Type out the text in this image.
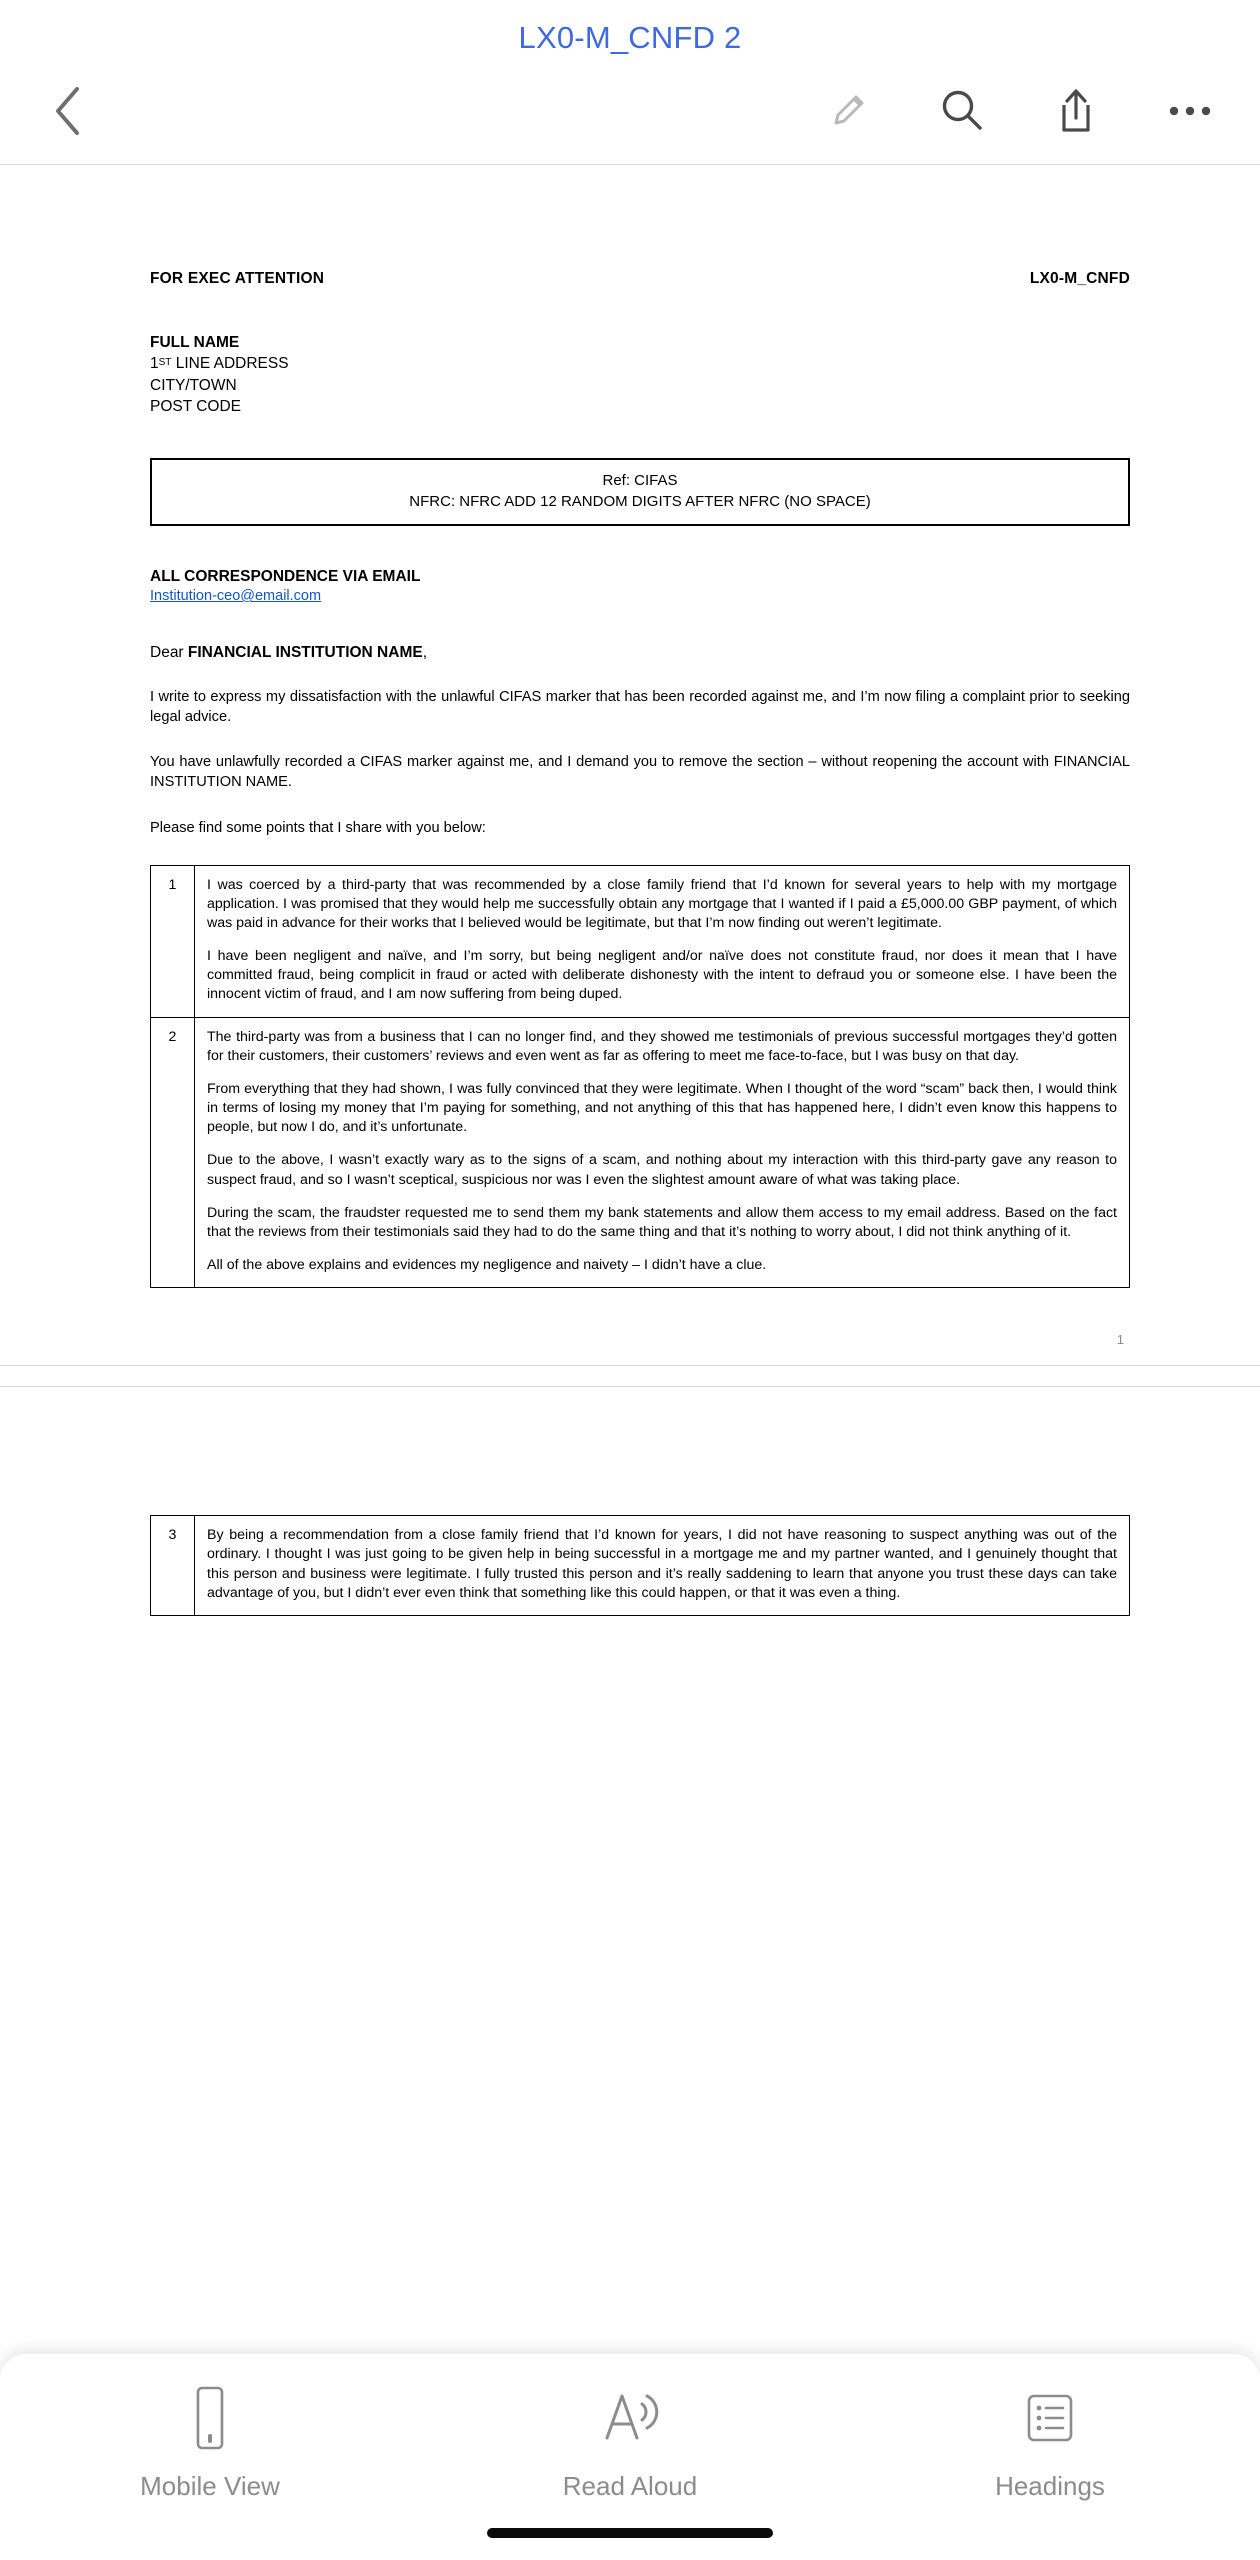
LX0-M_CNFD 2
FOR EXEC ATTENTION	LX0-M_CNFD
FULL NAME
1ST LINE ADDRESS
CITY/TOWN
POST CODE
Ref: CIFAS
NFRC: NFRC ADD 12 RANDOM DIGITS AFTER NFRC (NO SPACE)
ALL CORRESPONDENCE VIA EMAIL
Institution-ceo@email.com
Dear FINANCIAL INSTITUTION NAME,

I write to express my dissatisfaction with the unlawful CIFAS marker that has been recorded against me, and I’m now filing a complaint prior to seeking legal advice.

You have unlawfully recorded a CIFAS marker against me, and I demand you to remove the section – without reopening the account with FINANCIAL INSTITUTION NAME.

Please find some points that I share with you below:

1	I was coerced by a third-party that was recommended by a close family friend that I’d known for several years to help with my mortgage application. I was promised that they would help me successfully obtain any mortgage that I wanted if I paid a £5,000.00 GBP payment, of which was paid in advance for their works that I believed would be legitimate, but that I’m now finding out weren’t legitimate.

I have been negligent and naïve, and I’m sorry, but being negligent and/or naïve does not constitute fraud, nor does it mean that I have committed fraud, being complicit in fraud or acted with deliberate dishonesty with the intent to defraud you or someone else. I have been the innocent victim of fraud, and I am now suffering from being duped.

2	The third-party was from a business that I can no longer find, and they showed me testimonials of previous successful mortgages they’d gotten for their customers, their customers’ reviews and even went as far as offering to meet me face-to-face, but I was busy on that day.

From everything that they had shown, I was fully convinced that they were legitimate. When I thought of the word “scam” back then, I would think in terms of losing my money that I’m paying for something, and not anything of this that has happened here, I didn’t even know this happens to people, but now I do, and it’s unfortunate.

Due to the above, I wasn’t exactly wary as to the signs of a scam, and nothing about my interaction with this third-party gave any reason to suspect fraud, and so I wasn’t sceptical, suspicious nor was I even the slightest amount aware of what was taking place.

During the scam, the fraudster requested me to send them my bank statements and allow them access to my email address. Based on the fact that the reviews from their testimonials said they had to do the same thing and that it’s nothing to worry about, I did not think anything of it.

All of the above explains and evidences my negligence and naivety – I didn’t have a clue.

1
3	By being a recommendation from a close family friend that I’d known for years, I did not have reasoning to suspect anything was out of the ordinary. I thought I was just going to be given help in being successful in a mortgage me and my partner wanted, and I genuinely thought that this person and business were legitimate. I fully trusted this person and it’s really saddening to learn that anyone you trust these days can take advantage of you, but I didn’t ever even think that something like this could happen, or that it was even a thing.

Mobile View	Read Aloud	Headings
